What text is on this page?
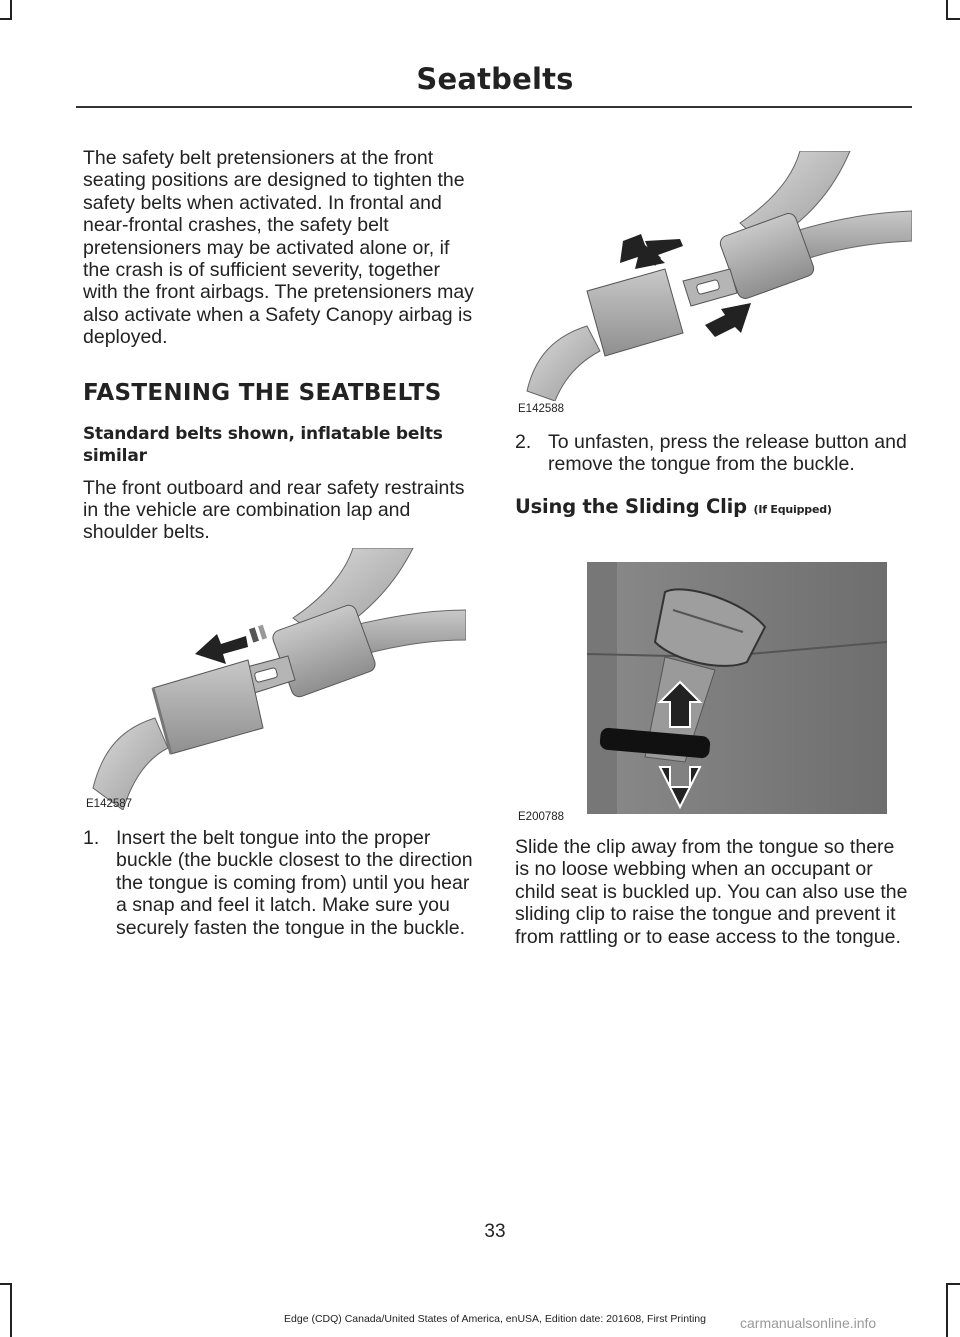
Seatbelts

The safety belt pretensioners at the front seating positions are designed to tighten the safety belts when activated. In frontal and near-frontal crashes, the safety belt pretensioners may be activated alone or, if the crash is of sufficient severity, together with the front airbags. The pretensioners may also activate when a Safety Canopy airbag is deployed.

FASTENING THE SEATBELTS
Standard belts shown, inflatable belts similar

The front outboard and rear safety restraints in the vehicle are combination lap and shoulder belts.

E142587
1. Insert the belt tongue into the proper buckle (the buckle closest to the direction the tongue is coming from) until you hear a snap and feel it latch. Make sure you securely fasten the tongue in the buckle.
E142588
2. To unfasten, press the release button and remove the tongue from the buckle.
Using the Sliding Clip (If Equipped)
E200788

Slide the clip away from the tongue so there is no loose webbing when an occupant or child seat is buckled up. You can also use the sliding clip to raise the tongue and prevent it from rattling or to ease access to the tongue.

33
Edge (CDQ) Canada/United States of America, enUSA, Edition date: 201608, First Printing	carmanualsonline.info
